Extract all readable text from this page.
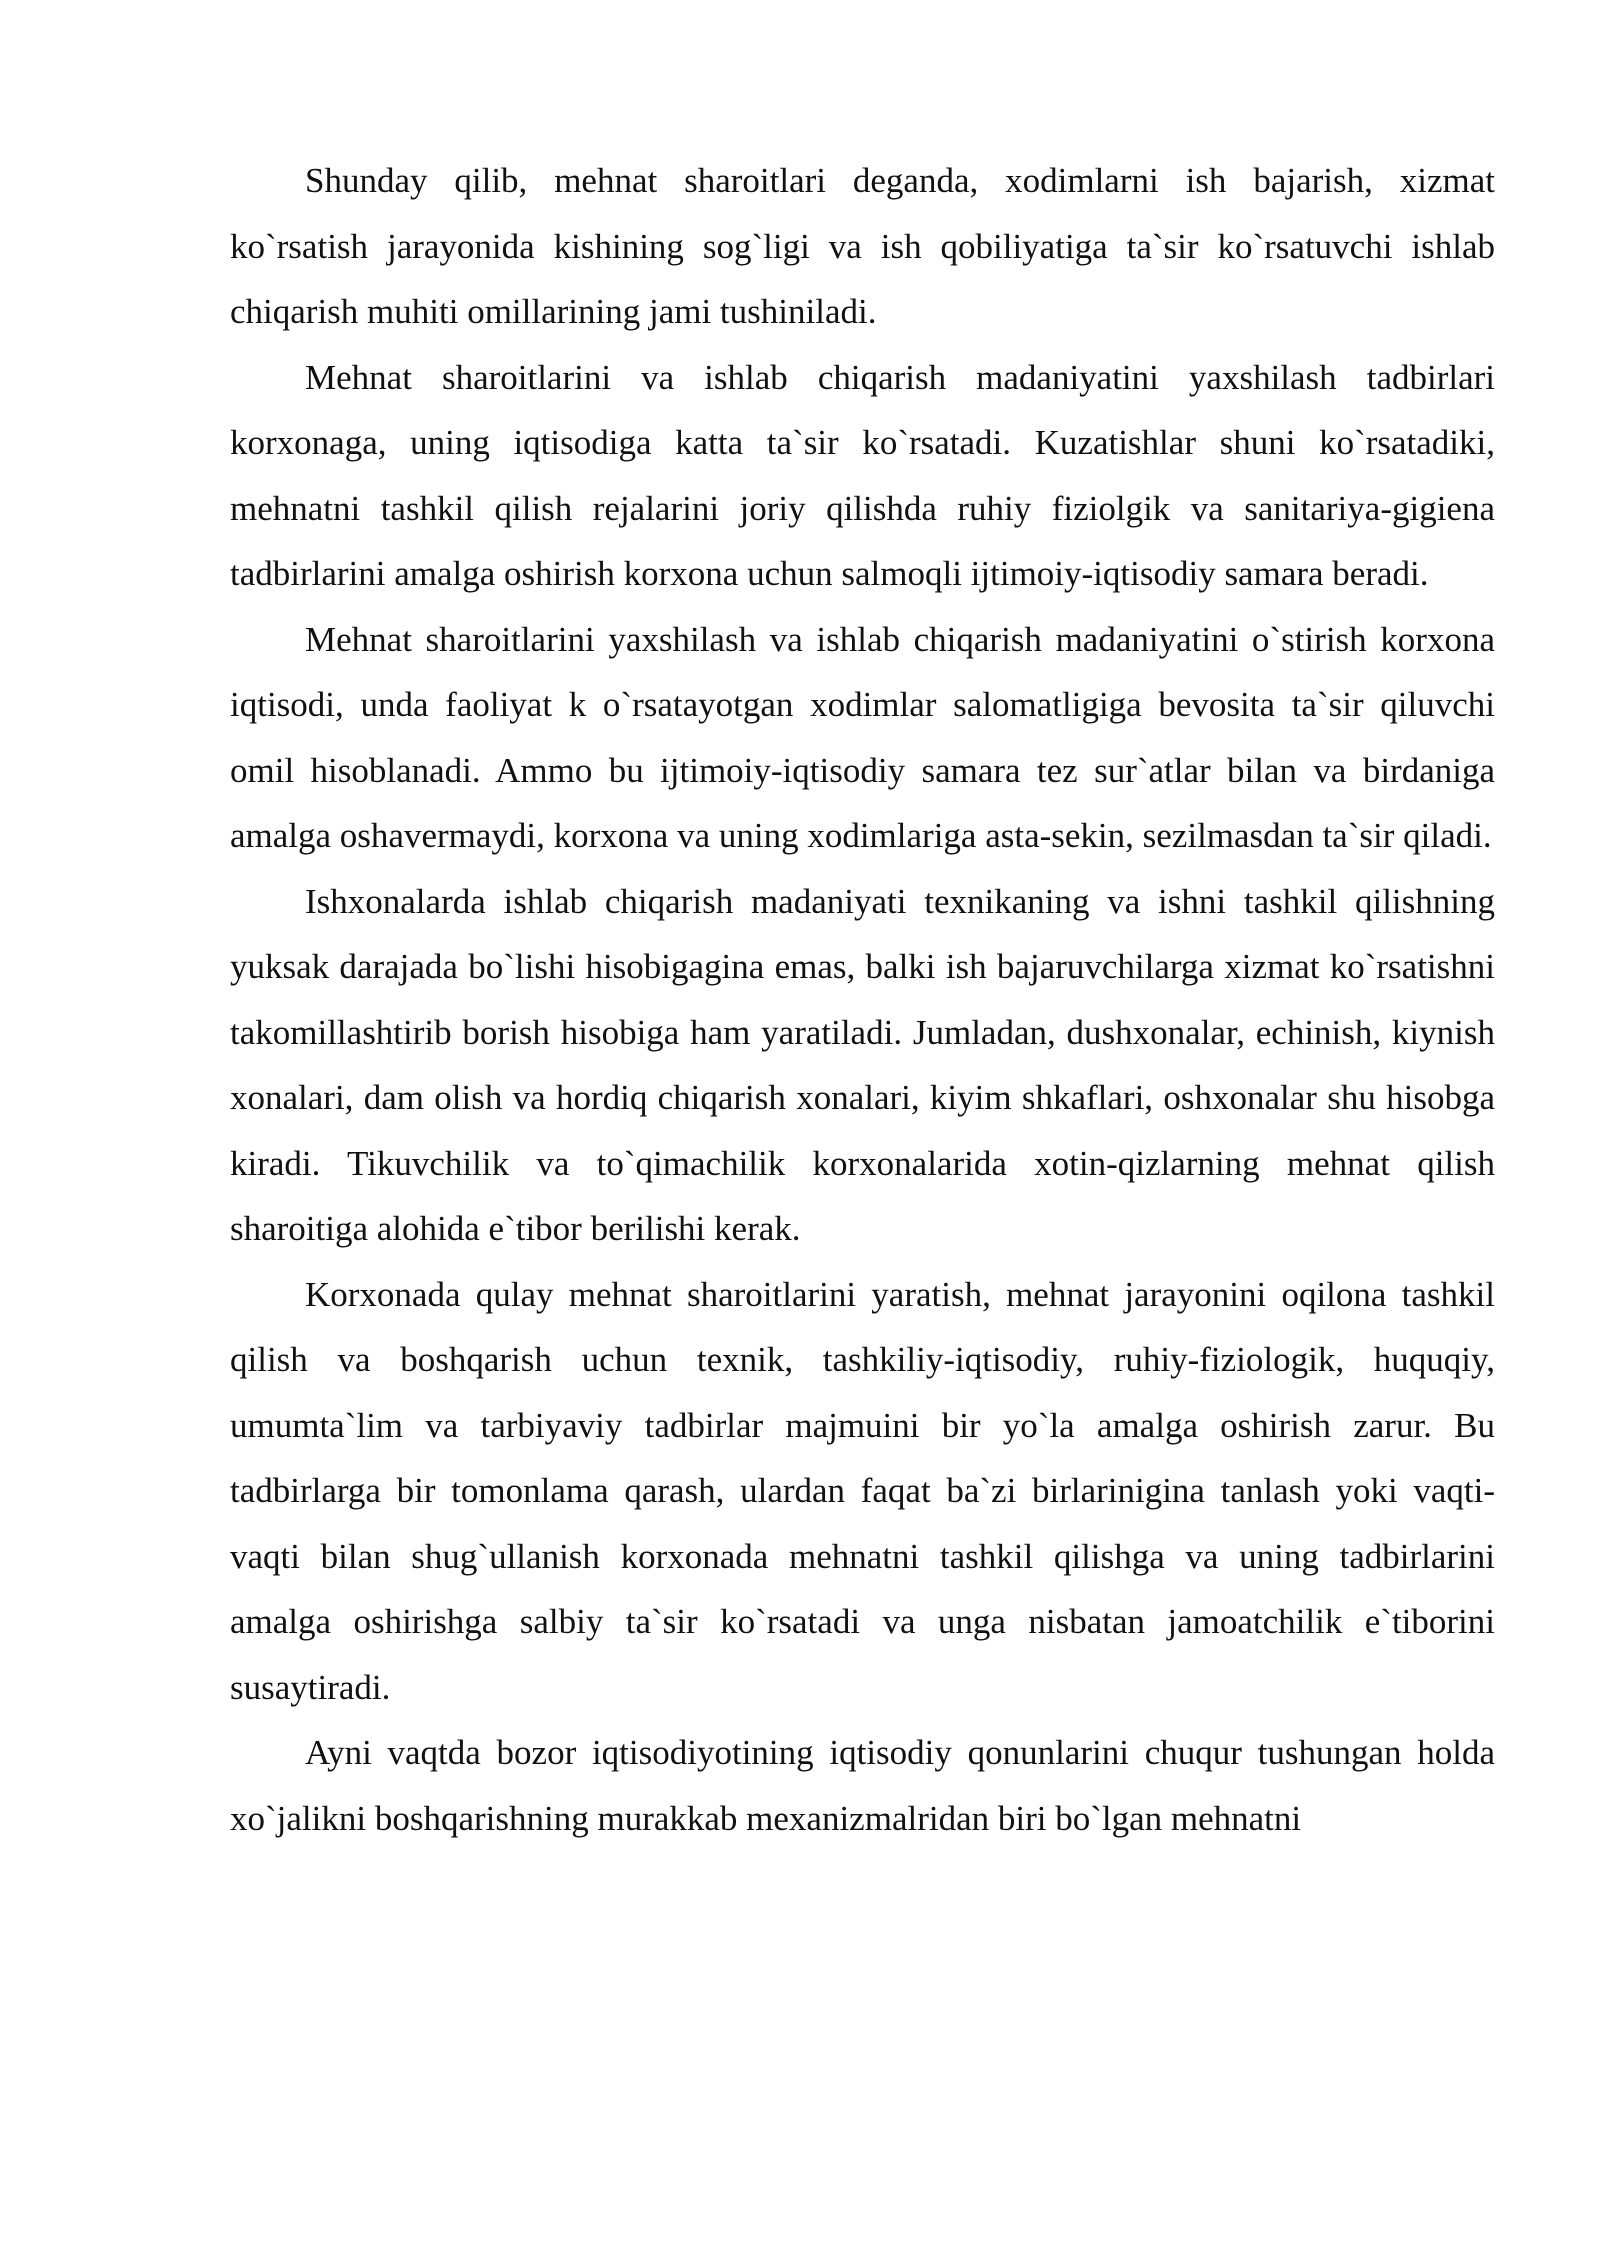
Shunday qilib, mehnat sharoitlari deganda, xodimlarni ish bajarish, xizmat ko`rsatish jarayonida kishining sog`ligi va ish qobiliyatiga ta`sir ko`rsatuvchi ishlab chiqarish muhiti omillarining jami tushiniladi.

Mehnat sharoitlarini va ishlab chiqarish madaniyatini yaxshilash tadbirlari korxonaga, uning iqtisodiga katta ta`sir ko`rsatadi. Kuzatishlar shuni ko`rsatadiki, mehnatni tashkil qilish rejalarini joriy qilishda ruhiy fiziolgik va sanitariya-gigiena tadbirlarini amalga oshirish korxona uchun salmoqli ijtimoiy-iqtisodiy samara beradi.

Mehnat sharoitlarini yaxshilash va ishlab chiqarish madaniyatini o`stirish korxona iqtisodi, unda faoliyat k o`rsatayotgan xodimlar salomatligiga bevosita ta`sir qiluvchi omil hisoblanadi. Ammo bu ijtimoiy-iqtisodiy samara tez sur`atlar bilan va birdaniga amalga oshavermaydi, korxona va uning xodimlariga asta-sekin, sezilmasdan ta`sir qiladi.

Ishxonalarda ishlab chiqarish madaniyati texnikaning va ishni tashkil qilishning yuksak darajada bo`lishi hisobigagina emas, balki ish bajaruvchilarga xizmat ko`rsatishni takomillashtirib borish hisobiga ham yaratiladi. Jumladan, dushxonalar, echinish, kiynish xonalari, dam olish va hordiq chiqarish xonalari, kiyim shkaflari, oshxonalar shu hisobga kiradi. Tikuvchilik va to`qimachilik korxonalarida xotin-qizlarning mehnat qilish sharoitiga alohida e`tibor berilishi kerak.

Korxonada qulay mehnat sharoitlarini yaratish, mehnat jarayonini oqilona tashkil qilish va boshqarish uchun texnik, tashkiliy-iqtisodiy, ruhiy-fiziologik, huquqiy, umumta`lim va tarbiyaviy tadbirlar majmuini bir yo`la amalga oshirish zarur. Bu tadbirlarga bir tomonlama qarash, ulardan faqat ba`zi birlarinigina tanlash yoki vaqti-vaqti bilan shug`ullanish korxonada mehnatni tashkil qilishga va uning tadbirlarini amalga oshirishga salbiy ta`sir ko`rsatadi va unga nisbatan jamoatchilik e`tiborini susaytiradi.

Ayni vaqtda bozor iqtisodiyotining iqtisodiy qonunlarini chuqur tushungan holda xo`jalikni boshqarishning murakkab mexanizmalridan biri bo`lgan mehnatni
